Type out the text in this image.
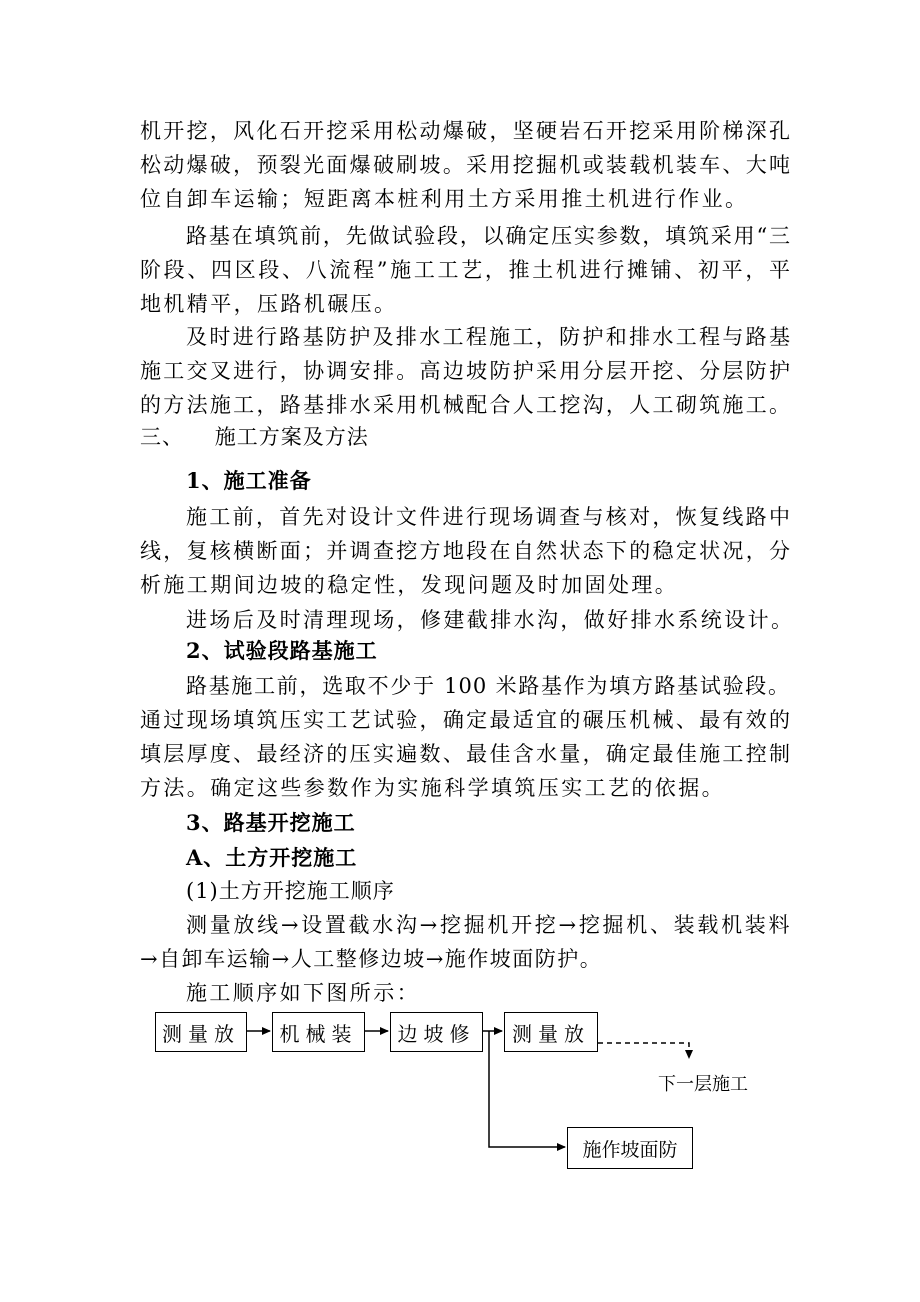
机开挖，风化石开挖采用松动爆破，坚硬岩石开挖采用阶梯深孔
松动爆破，预裂光面爆破刷坡。采用挖掘机或装载机装车、大吨
位自卸车运输；短距离本桩利用土方采用推土机进行作业。
路基在填筑前，先做试验段，以确定压实参数，填筑采用“三
阶段、四区段、八流程”施工工艺，推土机进行摊铺、初平，平
地机精平，压路机碾压。
及时进行路基防护及排水工程施工，防护和排水工程与路基
施工交叉进行，协调安排。高边坡防护采用分层开挖、分层防护
的方法施工，路基排水采用机械配合人工挖沟，人工砌筑施工。
三、    施工方案及方法
1、施工准备
施工前，首先对设计文件进行现场调查与核对，恢复线路中
线，复核横断面；并调查挖方地段在自然状态下的稳定状况，分
析施工期间边坡的稳定性，发现问题及时加固处理。
进场后及时清理现场，修建截排水沟，做好排水系统设计。
2、试验段路基施工
路基施工前，选取不少于 100 米路基作为填方路基试验段。
通过现场填筑压实工艺试验，确定最适宜的碾压机械、最有效的
填层厚度、最经济的压实遍数、最佳含水量，确定最佳施工控制
方法。确定这些参数作为实施科学填筑压实工艺的依据。
3、路基开挖施工
A、土方开挖施工
(1)土方开挖施工顺序
测量放线→设置截水沟→挖掘机开挖→挖掘机、装载机装料
→自卸车运输→人工整修边坡→施作坡面防护。
施工顺序如下图所示：
测量放	机械装	边坡修	测量放
下一层施工
施作坡面防
